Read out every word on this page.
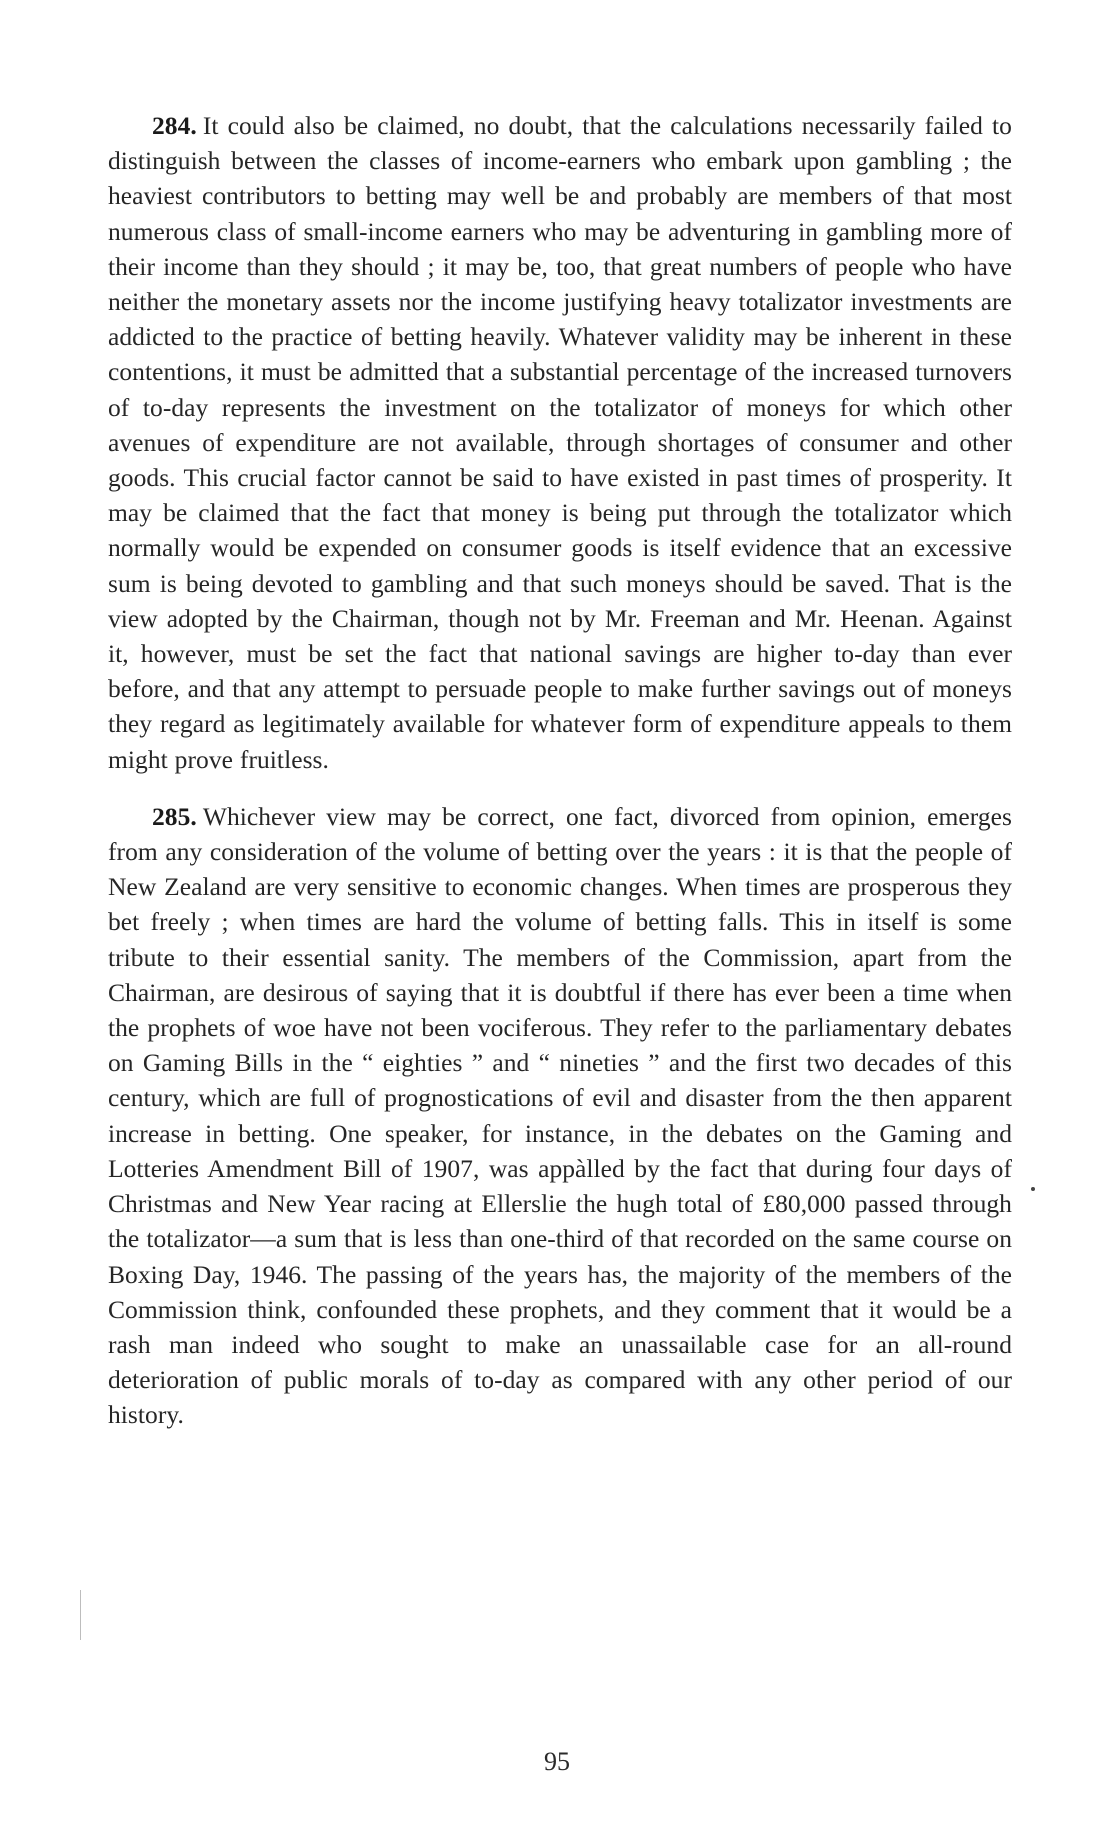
284. It could also be claimed, no doubt, that the calculations necessarily failed to distinguish between the classes of income-earners who embark upon gambling ; the heaviest contributors to betting may well be and probably are members of that most numerous class of small-income earners who may be adventuring in gambling more of their income than they should ; it may be, too, that great numbers of people who have neither the monetary assets nor the income justifying heavy totalizator investments are addicted to the practice of betting heavily. Whatever validity may be inherent in these contentions, it must be admitted that a substantial percentage of the increased turnovers of to-day represents the investment on the totalizator of moneys for which other avenues of expenditure are not available, through shortages of consumer and other goods. This crucial factor cannot be said to have existed in past times of prosperity. It may be claimed that the fact that money is being put through the totalizator which normally would be expended on consumer goods is itself evidence that an excessive sum is being devoted to gambling and that such moneys should be saved. That is the view adopted by the Chairman, though not by Mr. Freeman and Mr. Heenan. Against it, however, must be set the fact that national savings are higher to-day than ever before, and that any attempt to persuade people to make further savings out of moneys they regard as legitimately available for whatever form of expenditure appeals to them might prove fruitless.

285. Whichever view may be correct, one fact, divorced from opinion, emerges from any consideration of the volume of betting over the years : it is that the people of New Zealand are very sensitive to economic changes. When times are prosperous they bet freely ; when times are hard the volume of betting falls. This in itself is some tribute to their essential sanity. The members of the Commission, apart from the Chairman, are desirous of saying that it is doubtful if there has ever been a time when the prophets of woe have not been vociferous. They refer to the parliamentary debates on Gaming Bills in the “ eighties ” and “ nineties ” and the first two decades of this century, which are full of prognostications of evil and disaster from the then apparent increase in betting. One speaker, for instance, in the debates on the Gaming and Lotteries Amendment Bill of 1907, was appàlled by the fact that during four days of Christmas and New Year racing at Ellerslie the hugh total of £80,000 passed through the totalizator—a sum that is less than one-third of that recorded on the same course on Boxing Day, 1946. The passing of the years has, the majority of the members of the Commission think, confounded these prophets, and they comment that it would be a rash man indeed who sought to make an unassailable case for an all-round deterioration of public morals of to-day as compared with any other period of our history.

95
